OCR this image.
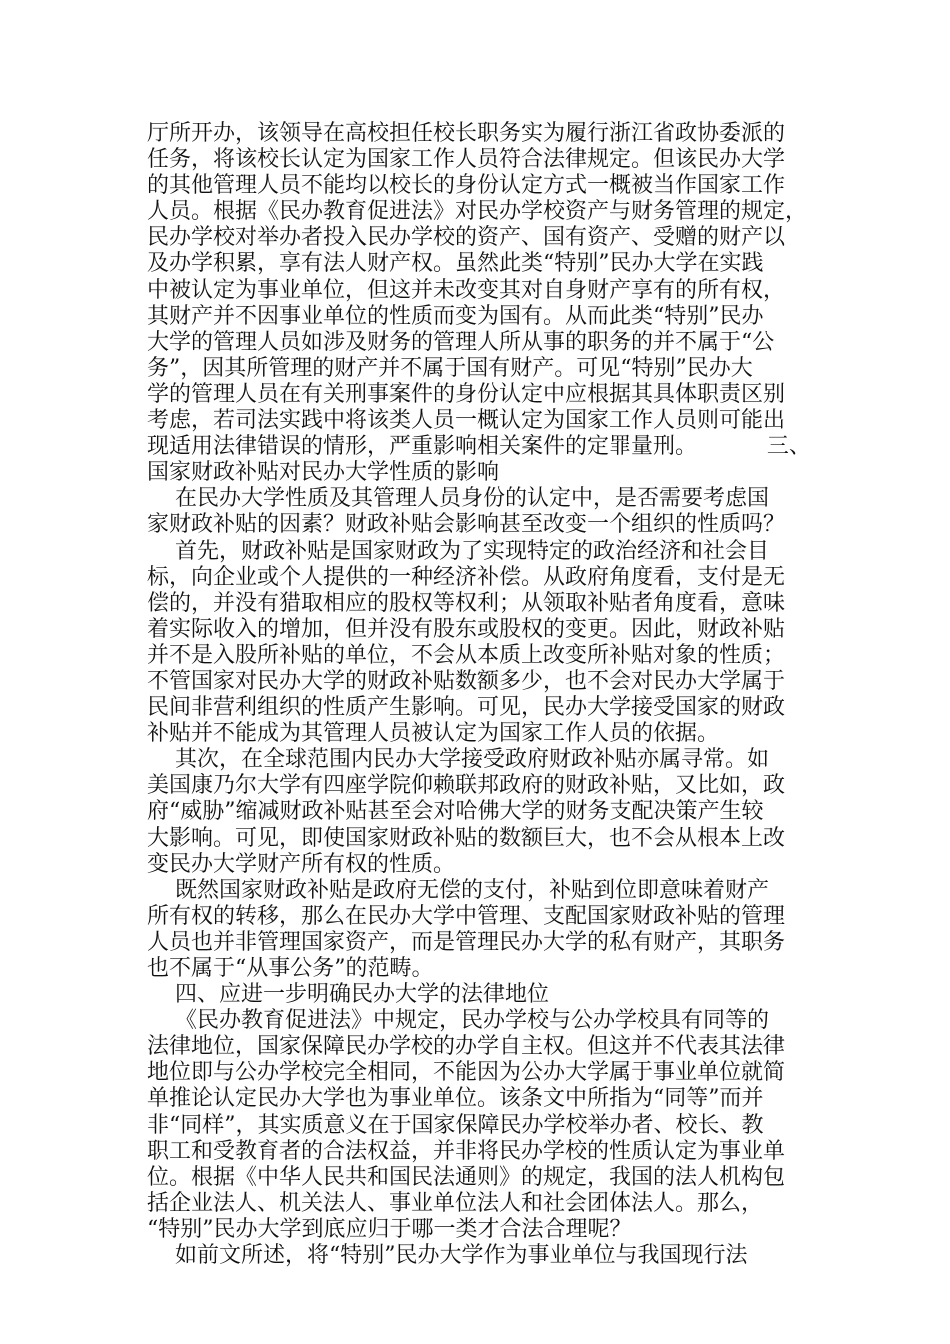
厅所开办，该领导在高校担任校长职务实为履行浙江省政协委派的
任务，将该校长认定为国家工作人员符合法律规定。但该民办大学
的其他管理人员不能均以校长的身份认定方式一概被当作国家工作
人员。根据《民办教育促进法》对民办学校资产与财务管理的规定，
民办学校对举办者投入民办学校的资产、国有资产、受赠的财产以
及办学积累，享有法人财产权。虽然此类“特别”民办大学在实践
中被认定为事业单位，但这并未改变其对自身财产享有的所有权，
其财产并不因事业单位的性质而变为国有。从而此类“特别”民办
大学的管理人员如涉及财务的管理人所从事的职务的并不属于“公
务”，因其所管理的财产并不属于国有财产。可见“特别”民办大
学的管理人员在有关刑事案件的身份认定中应根据其具体职责区别
考虑，若司法实践中将该类人员一概认定为国家工作人员则可能出
现适用法律错误的情形，严重影响相关案件的定罪量刑。          三、
国家财政补贴对民办大学性质的影响
在民办大学性质及其管理人员身份的认定中，是否需要考虑国
家财政补贴的因素？财政补贴会影响甚至改变一个组织的性质吗？
首先，财政补贴是国家财政为了实现特定的政治经济和社会目
标，向企业或个人提供的一种经济补偿。从政府角度看，支付是无
偿的，并没有猎取相应的股权等权利；从领取补贴者角度看，意味
着实际收入的增加，但并没有股东或股权的变更。因此，财政补贴
并不是入股所补贴的单位，不会从本质上改变所补贴对象的性质；
不管国家对民办大学的财政补贴数额多少，也不会对民办大学属于
民间非营利组织的性质产生影响。可见，民办大学接受国家的财政
补贴并不能成为其管理人员被认定为国家工作人员的依据。
其次，在全球范围内民办大学接受政府财政补贴亦属寻常。如
美国康乃尔大学有四座学院仰赖联邦政府的财政补贴，又比如，政
府“威胁”缩减财政补贴甚至会对哈佛大学的财务支配决策产生较
大影响。可见，即使国家财政补贴的数额巨大，也不会从根本上改
变民办大学财产所有权的性质。
既然国家财政补贴是政府无偿的支付，补贴到位即意味着财产
所有权的转移，那么在民办大学中管理、支配国家财政补贴的管理
人员也并非管理国家资产，而是管理民办大学的私有财产，其职务
也不属于“从事公务”的范畴。
四、应进一步明确民办大学的法律地位
《民办教育促进法》中规定，民办学校与公办学校具有同等的
法律地位，国家保障民办学校的办学自主权。但这并不代表其法律
地位即与公办学校完全相同，不能因为公办大学属于事业单位就简
单推论认定民办大学也为事业单位。该条文中所指为“同等”而并
非“同样”，其实质意义在于国家保障民办学校举办者、校长、教
职工和受教育者的合法权益，并非将民办学校的性质认定为事业单
位。根据《中华人民共和国民法通则》的规定，我国的法人机构包
括企业法人、机关法人、事业单位法人和社会团体法人。那么，
“特别”民办大学到底应归于哪一类才合法合理呢？
如前文所述，将“特别”民办大学作为事业单位与我国现行法
